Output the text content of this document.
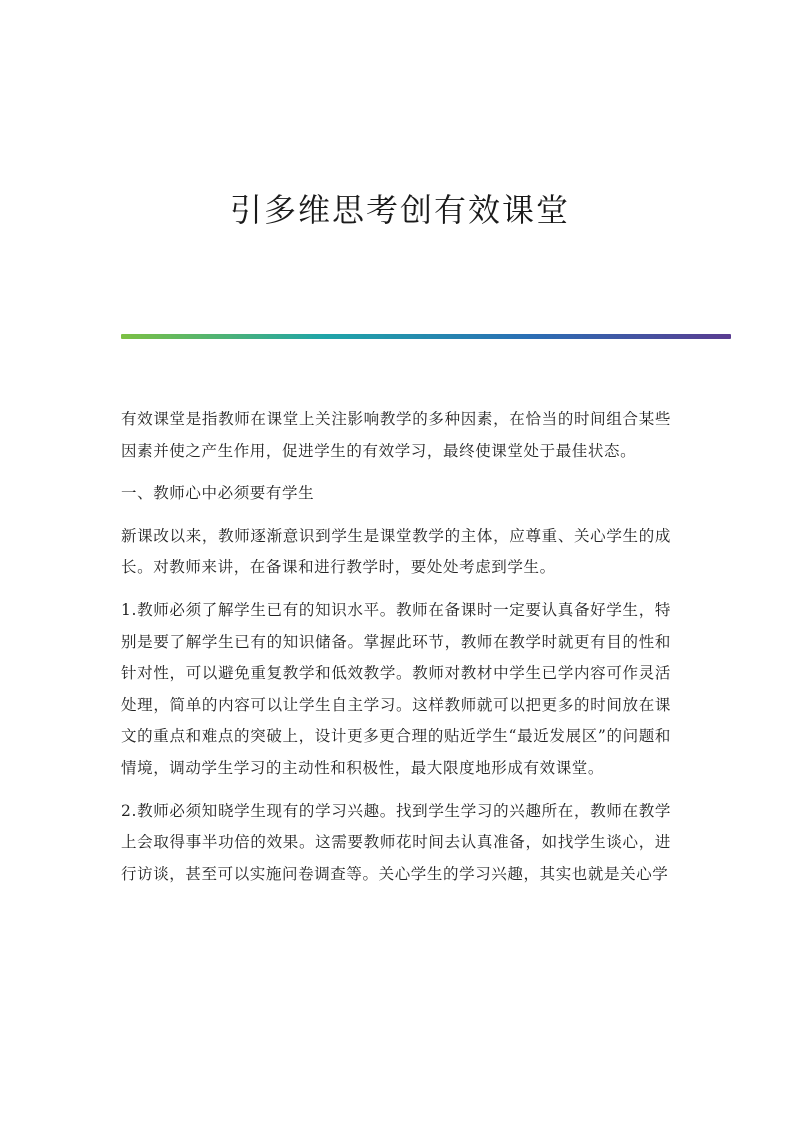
引多维思考创有效课堂

有效课堂是指教师在课堂上关注影响教学的多种因素，在恰当的时间组合某些因素并使之产生作用，促进学生的有效学习，最终使课堂处于最佳状态。

一、教师心中必须要有学生

新课改以来，教师逐渐意识到学生是课堂教学的主体，应尊重、关心学生的成长。对教师来讲，在备课和进行教学时，要处处考虑到学生。

1.教师必须了解学生已有的知识水平。教师在备课时一定要认真备好学生，特别是要了解学生已有的知识储备。掌握此环节，教师在教学时就更有目的性和针对性，可以避免重复教学和低效教学。教师对教材中学生已学内容可作灵活处理，简单的内容可以让学生自主学习。这样教师就可以把更多的时间放在课文的重点和难点的突破上，设计更多更合理的贴近学生“最近发展区”的问题和情境，调动学生学习的主动性和积极性，最大限度地形成有效课堂。

2.教师必须知晓学生现有的学习兴趣。找到学生学习的兴趣所在，教师在教学上会取得事半功倍的效果。这需要教师花时间去认真准备，如找学生谈心，进行访谈，甚至可以实施问卷调查等。关心学生的学习兴趣，其实也就是关心学
